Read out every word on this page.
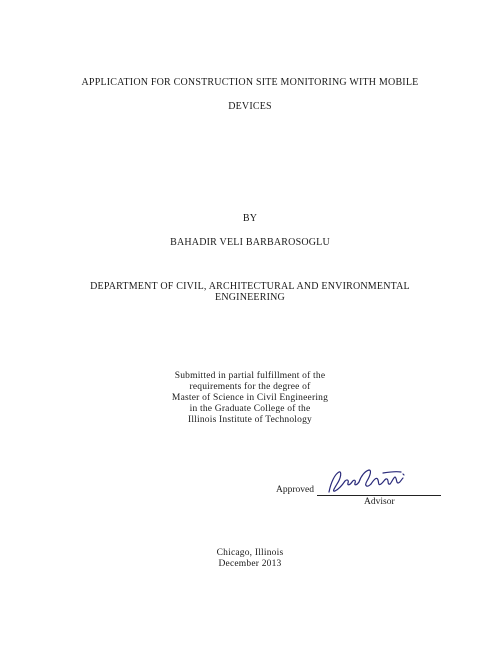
APPLICATION FOR CONSTRUCTION SITE MONITORING WITH MOBILE
DEVICES
BY
BAHADIR VELI BARBAROSOGLU
DEPARTMENT OF CIVIL, ARCHITECTURAL AND ENVIRONMENTAL
ENGINEERING
Submitted in partial fulfillment of the
requirements for the degree of
Master of Science in Civil Engineering
in the Graduate College of the
Illinois Institute of Technology
Approved
Advisor
Chicago, Illinois
December 2013
